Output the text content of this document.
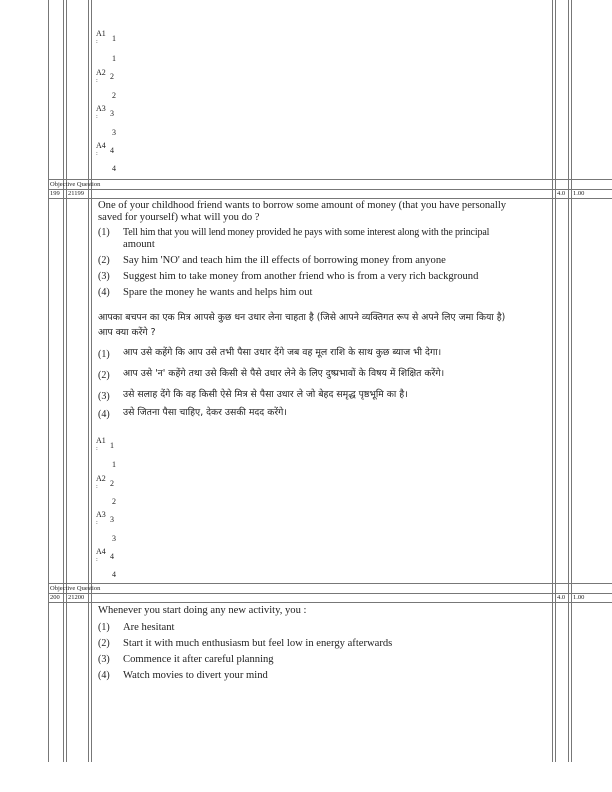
A1
1
:
1
A2 2
:
2
A3
3
:
3
A4
4
:
4
Objective Question
199 21199	4.0 1.00
One of your childhood friend wants to borrow some amount of money (that you have personally
saved for yourself) what will you do ?
(1) Tell him that you will lend money provided he pays with some interest along with the principal
amount
(2) Say him 'NO' and teach him the ill effects of borrowing money from anyone
(3) Suggest him to take money from another friend who is from a very rich background
(4) Spare the money he wants and helps him out
आपका बचपन का एक मित्र आपसे कुछ धन उधार लेना चाहता है (जिसे आपने व्यक्तिगत रूप से अपने लिए जमा किया है)
आप क्या करेंगे ?
(1) आप उसे कहेंगे कि आप उसे तभी पैसा उधार देंगे जब वह मूल राशि के साथ कुछ ब्याज भी देगा।
(2) आप उसे 'न' कहेंगे तथा उसे किसी से पैसे उधार लेने के लिए दुष्प्रभावों के विषय में शिक्षित करेंगे।
(3) उसे सलाह देंगे कि वह किसी ऐसे मित्र से पैसा उधार ले जो बेहद समृद्ध पृष्ठभूमि का है।
(4) उसे जितना पैसा चाहिए, देकर उसकी मदद करेंगे।
A1
1
:
1
A2
2
:
2
A3
3
:
3
A4
4
:
4
Objective Question
200 21200	4.0 1.00
Whenever you start doing any new activity, you :
(1) Are hesitant
(2) Start it with much enthusiasm but feel low in energy afterwards
(3) Commence it after careful planning
(4) Watch movies to divert your mind
